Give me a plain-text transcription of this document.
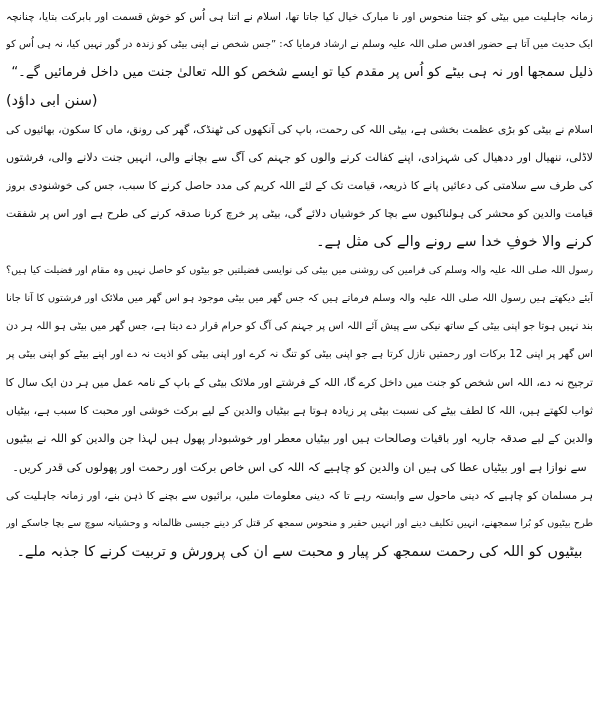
زمانہ جاہلیت میں بیٹی کو جتنا منحوس اور نا مبارک خیال کیا جاتا تھا، اسلام نے اتنا ہی اُس کو خوش قسمت اور بابرکت بتایا، چنانچہ
ایک حدیث میں آتا ہے حضور اقدس صلی اللہ علیہ وسلم نے ارشاد فرمایا کہ: ”جس شخص نے اپنی بیٹی کو زندہ در گور نہیں کیا، نہ ہی اُس کو
ذلیل سمجھا اور نہ ہی بیٹے کو اُس پر مقدم کیا تو ایسے شخص کو اللہ تعالیٰ جنت میں داخل فرمائیں گے۔“
(سنن ابی داؤد)
اسلام نے بیٹی کو بڑی عظمت بخشی ہے، بیٹی اللہ کی رحمت، باپ کی آنکھوں کی ٹھنڈک، گھر کی رونق، ماں کا سکون، بھائیوں کی
لاڈلی، ننھیال اور ددھیال کی شہزادی، اپنے کفالت کرنے والوں کو جہنم کی آگ سے بچانے والی، انہیں جنت دلانے والی، فرشتوں
کی طرف سے سلامتی کی دعائیں پانے کا ذریعہ، قیامت تک کے لئے اللہ کریم کی مدد حاصل کرنے کا سبب، جس کی خوشنودی بروز
قیامت والدین کو محشر کی ہولناکیوں سے بچا کر خوشیاں دلائے گی، بیٹی پر خرچ کرنا صدقہ کرنے کی طرح ہے اور اس پر شفقت
کرنے والا خوفِ خدا سے رونے والے کی مثل ہے۔
رسول اللہ صلی اللہ علیہ والہ وسلم کی فرامین کی روشنی میں بیٹی کی نوایسی فضیلتیں جو بیٹوں کو حاصل نہیں وہ مقام اور فضیلت کیا ہیں؟
آیئے دیکھتے ہیں رسول اللہ صلی اللہ علیہ والہ وسلم فرماتے ہیں کہ جس گھر میں بیٹی موجود ہو اس گھر میں ملائک اور فرشتوں کا آنا جانا
بند نہیں ہوتا جو اپنی بیٹی کے ساتھ نیکی سے پیش آئے اللہ اس پر جہنم کی آگ کو حرام قرار دے دیتا ہے، جس گھر میں بیٹی ہو اللہ ہر دن
اس گھر پر اپنی 12 برکات اور رحمتیں نازل کرتا ہے جو اپنی بیٹی کو تنگ نہ کرے اور اپنی بیٹی کو اذیت نہ دے اور اپنے بیٹے کو اپنی بیٹی پر
ترجیح نہ دے، اللہ اس شخص کو جنت میں داخل کرے گا، اللہ کے فرشتے اور ملائک بیٹی کے باپ کے نامہ عمل میں ہر دن ایک سال کا
ثواب لکھتے ہیں، اللہ کا لطف بیٹے کی نسبت بیٹی پر زیادہ ہوتا ہے بیٹیاں والدین کے لیے برکت خوشی اور محبت کا سبب ہے، بیٹیاں
والدین کے لیے صدقہ جاریہ اور باقیات وصالحات ہیں اور بیٹیاں معطر اور خوشبودار پھول ہیں لہذا جن والدین کو اللہ نے بیٹیوں
سے نوازا ہے اور بیٹیاں عطا کی ہیں ان والدین کو چاہیے کہ اللہ کی اس خاص برکت اور رحمت اور پھولوں کی قدر کریں۔
ہر مسلمان کو چاہیے کہ دینی ماحول سے وابستہ رہے تا کہ دینی معلومات ملیں، برائیوں سے بچنے کا ذہن بنے، اور زمانہ جاہلیت کی
طرح بیٹیوں کو بُرا سمجھنے، انہیں تکلیف دینے اور انہیں حقیر و منحوس سمجھ کر قتل کر دینے جیسی ظالمانہ و وحشیانہ سوچ سے بچا جاسکے اور
بیٹیوں کو اللہ کی رحمت سمجھ کر پیار و محبت سے ان کی پرورش و تربیت کرنے کا جذبہ ملے۔
